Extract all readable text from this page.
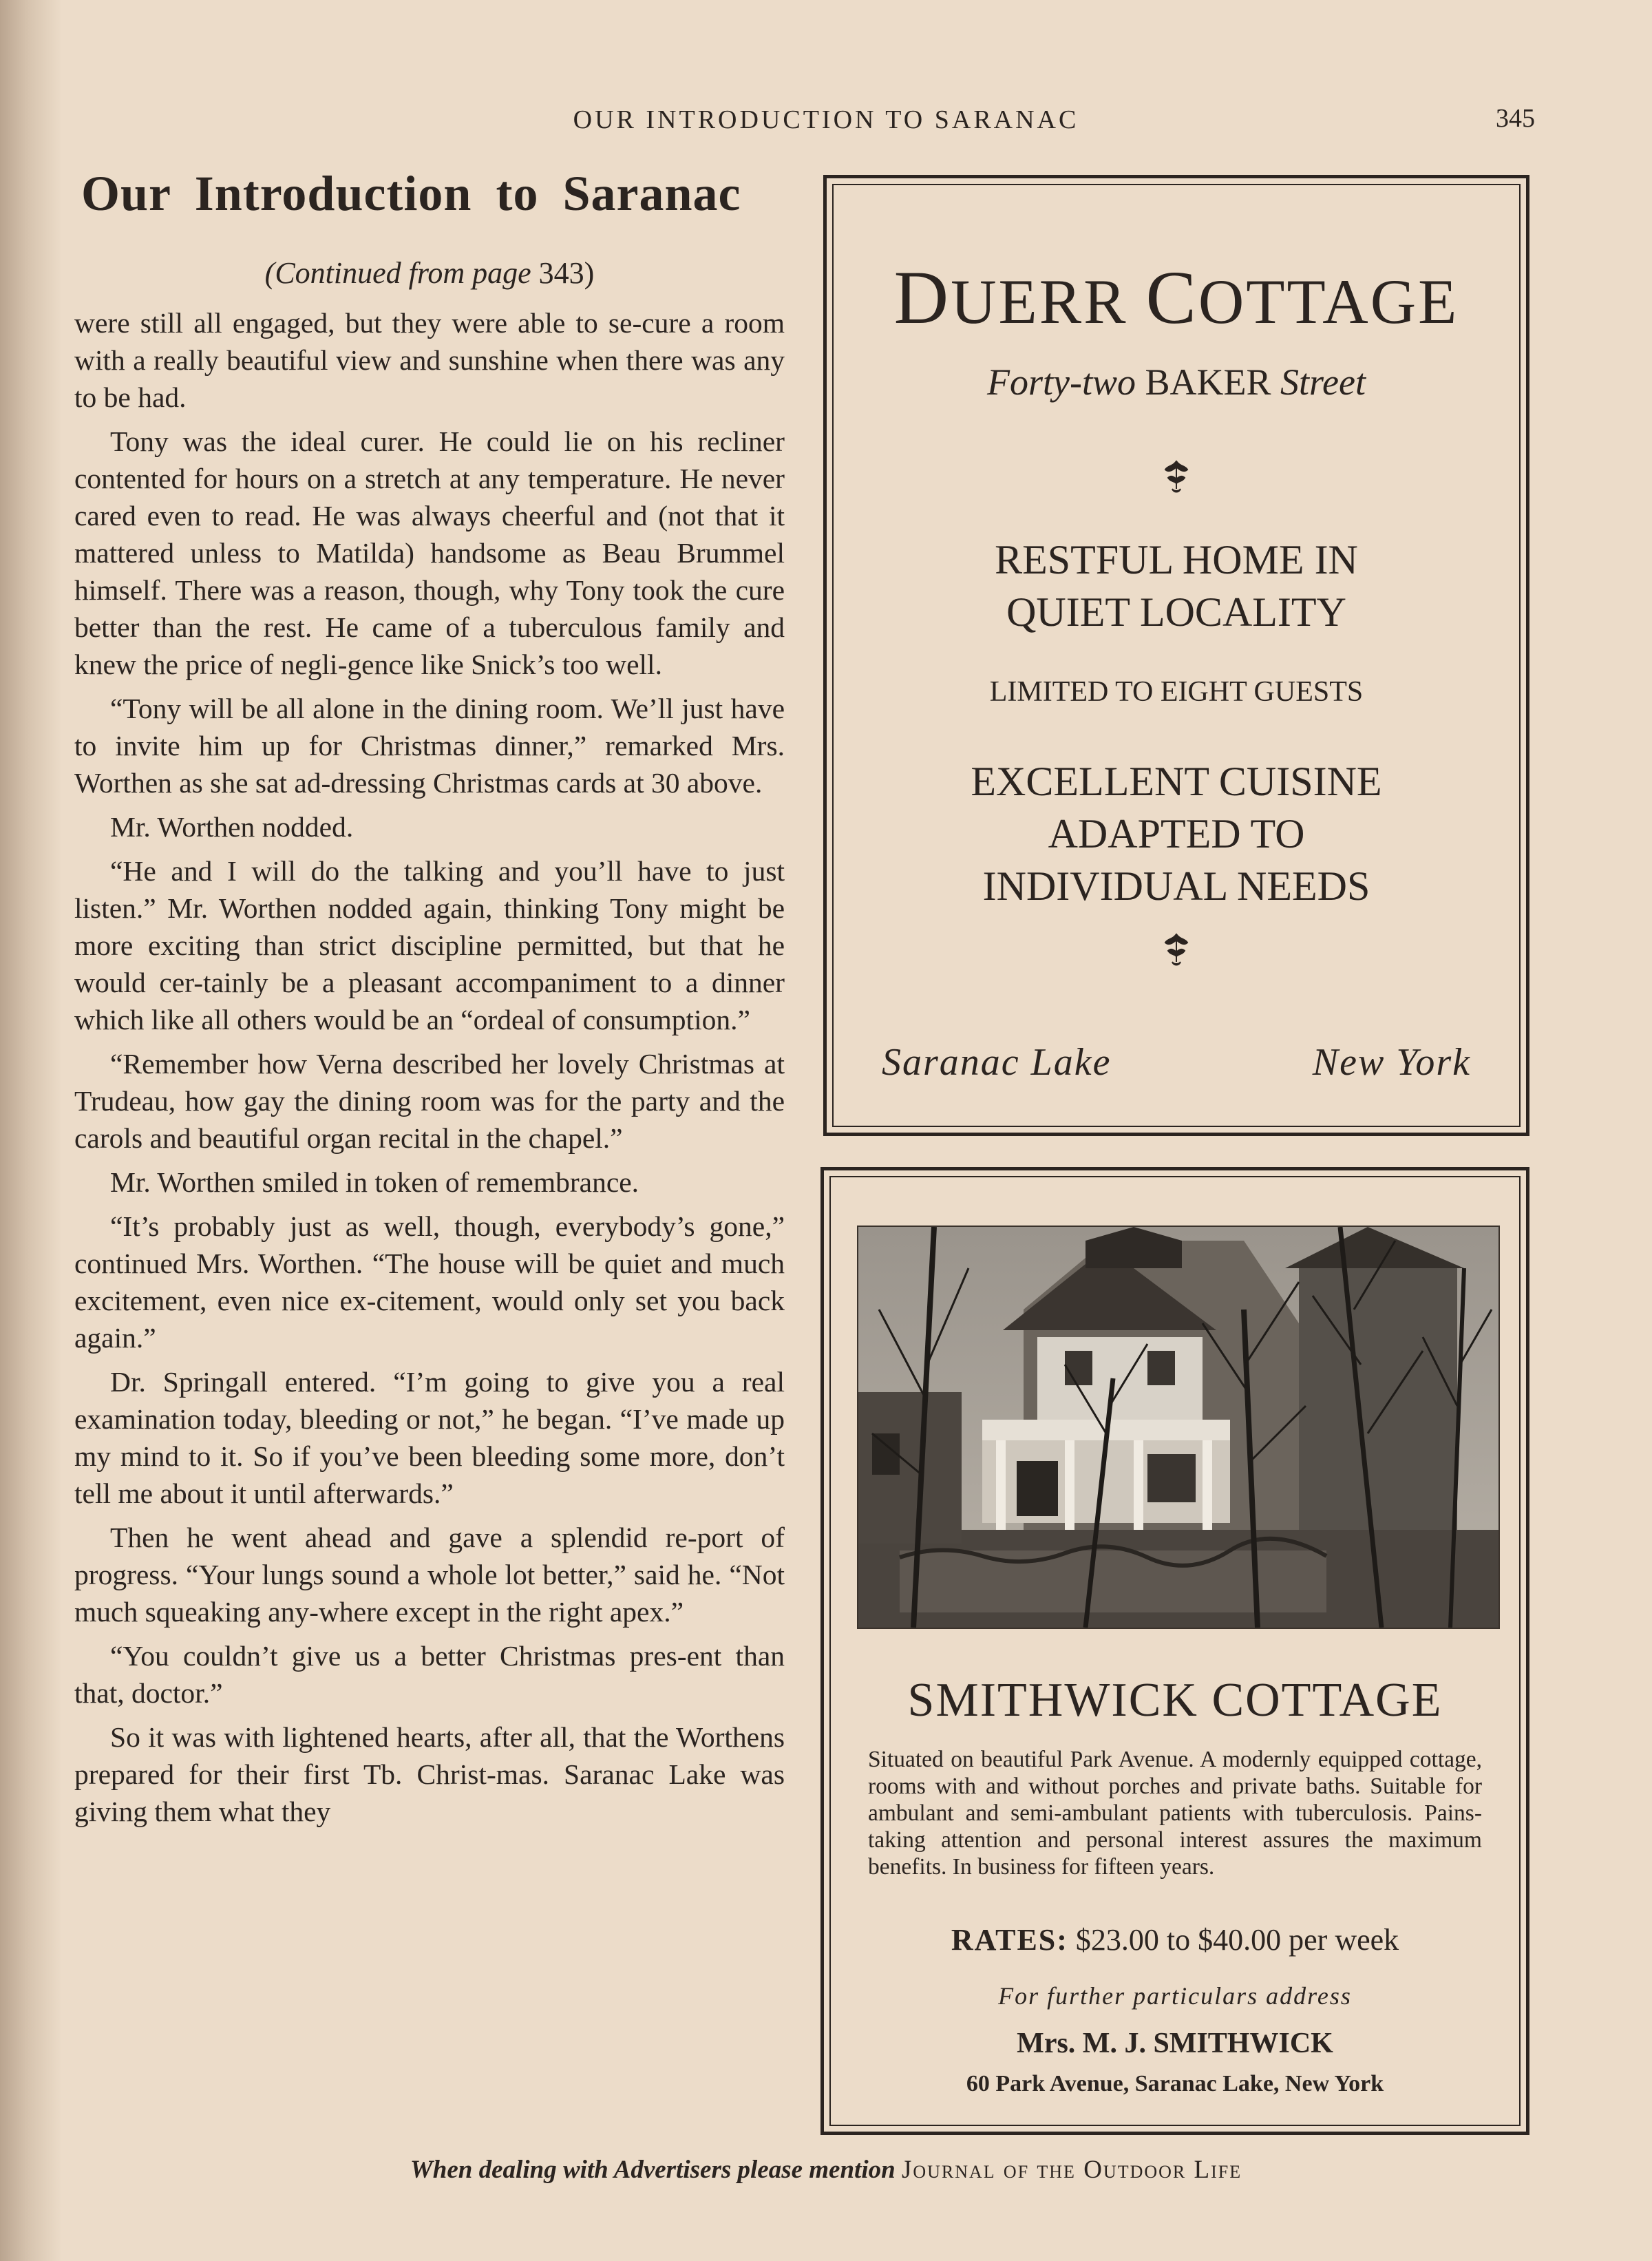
OUR INTRODUCTION TO SARANAC	345
Our Introduction to Saranac
(Continued from page 343)

were still all engaged, but they were able to se-cure a room with a really beautiful view and sunshine when there was any to be had.

Tony was the ideal curer. He could lie on his recliner contented for hours on a stretch at any temperature. He never cared even to read. He was always cheerful and (not that it mattered unless to Matilda) handsome as Beau Brummel himself. There was a reason, though, why Tony took the cure better than the rest. He came of a tuberculous family and knew the price of negli-gence like Snick’s too well.

“Tony will be all alone in the dining room. We’ll just have to invite him up for Christmas dinner,” remarked Mrs. Worthen as she sat ad-dressing Christmas cards at 30 above.

Mr. Worthen nodded.

“He and I will do the talking and you’ll have to just listen.” Mr. Worthen nodded again, thinking Tony might be more exciting than strict discipline permitted, but that he would cer-tainly be a pleasant accompaniment to a dinner which like all others would be an “ordeal of consumption.”

“Remember how Verna described her lovely Christmas at Trudeau, how gay the dining room was for the party and the carols and beautiful organ recital in the chapel.”

Mr. Worthen smiled in token of remembrance.

“It’s probably just as well, though, everybody’s gone,” continued Mrs. Worthen. “The house will be quiet and much excitement, even nice ex-citement, would only set you back again.”

Dr. Springall entered. “I’m going to give you a real examination today, bleeding or not,” he began. “I’ve made up my mind to it. So if you’ve been bleeding some more, don’t tell me about it until afterwards.”

Then he went ahead and gave a splendid re-port of progress. “Your lungs sound a whole lot better,” said he. “Not much squeaking any-where except in the right apex.”

“You couldn’t give us a better Christmas pres-ent than that, doctor.”

So it was with lightened hearts, after all, that the Worthens prepared for their first Tb. Christ-mas. Saranac Lake was giving them what they

DUERR COTTAGE
Forty-two BAKER Street
RESTFUL HOME IN
QUIET LOCALITY
LIMITED TO EIGHT GUESTS
EXCELLENT CUISINE
ADAPTED TO
INDIVIDUAL NEEDS
Saranac Lake	New York
SMITHWICK COTTAGE
Situated on beautiful Park Avenue. A modernly equipped cottage, rooms with and without porches and private baths. Suitable for ambulant and semi-ambulant patients with tuberculosis. Pains-taking attention and personal interest assures the maximum benefits. In business for fifteen years.
RATES: $23.00 to $40.00 per week
For further particulars address
Mrs. M. J. SMITHWICK
60 Park Avenue, Saranac Lake, New York
When dealing with Advertisers please mention Journal of the Outdoor Life
